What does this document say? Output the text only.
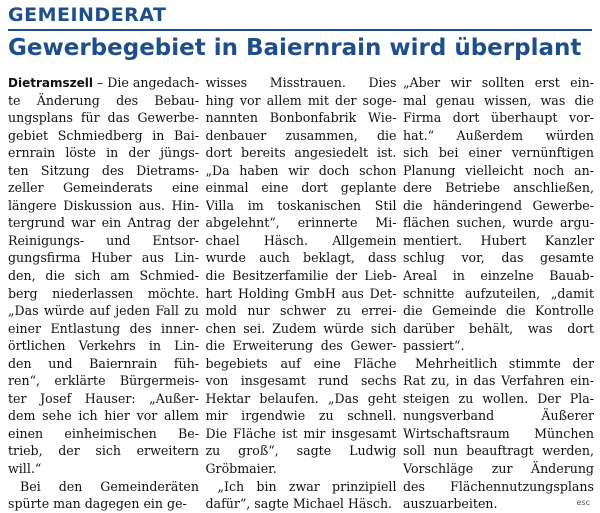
GEMEINDERAT
Gewerbegebiet in Baiernrain wird überplant
Dietramszell – Die angedach-
te Änderung des Bebau-
ungsplans für das Gewerbe-
gebiet Schmiedberg in Bai-
ernrain löste in der jüngs-
ten Sitzung des Dietrams-
zeller Gemeinderats eine
längere Diskussion aus. Hin-
tergrund war ein Antrag der
Reinigungs- und Entsor-
gungsfirma Huber aus Lin-
den, die sich am Schmied-
berg niederlassen möchte.
„Das würde auf jeden Fall zu
einer Entlastung des inner-
örtlichen Verkehrs in Lin-
den und Baiernrain füh-
ren“, erklärte Bürgermeis-
ter Josef Hauser: „Außer-
dem sehe ich hier vor allem
einen einheimischen Be-
trieb, der sich erweitern
will.“
Bei den Gemeinderäten
spürte man dagegen ein ge-
wisses Misstrauen. Dies
hing vor allem mit der soge-
nannten Bonbonfabrik Wie-
denbauer zusammen, die
dort bereits angesiedelt ist.
„Da haben wir doch schon
einmal eine dort geplante
Villa im toskanischen Stil
abgelehnt“, erinnerte Mi-
chael Häsch. Allgemein
wurde auch beklagt, dass
die Besitzerfamilie der Lieb-
hart Holding GmbH aus Det-
mold nur schwer zu errei-
chen sei. Zudem würde sich
die Erweiterung des Gewer-
begebiets auf eine Fläche
von insgesamt rund sechs
Hektar belaufen. „Das geht
mir irgendwie zu schnell.
Die Fläche ist mir insgesamt
zu groß“, sagte Ludwig
Gröbmaier.
„Ich bin zwar prinzipiell
dafür“, sagte Michael Häsch.
„Aber wir sollten erst ein-
mal genau wissen, was die
Firma dort überhaupt vor-
hat.“ Außerdem würden
sich bei einer vernünftigen
Planung vielleicht noch an-
dere Betriebe anschließen,
die händeringend Gewerbe-
flächen suchen, wurde argu-
mentiert. Hubert Kanzler
schlug vor, das gesamte
Areal in einzelne Bauab-
schnitte aufzuteilen, „damit
die Gemeinde die Kontrolle
darüber behält, was dort
passiert“.
Mehrheitlich stimmte der
Rat zu, in das Verfahren ein-
steigen zu wollen. Der Pla-
nungsverband Äußerer
Wirtschaftsraum München
soll nun beauftragt werden,
Vorschläge zur Änderung
des Flächennutzungsplans
auszuarbeiten.	esc
